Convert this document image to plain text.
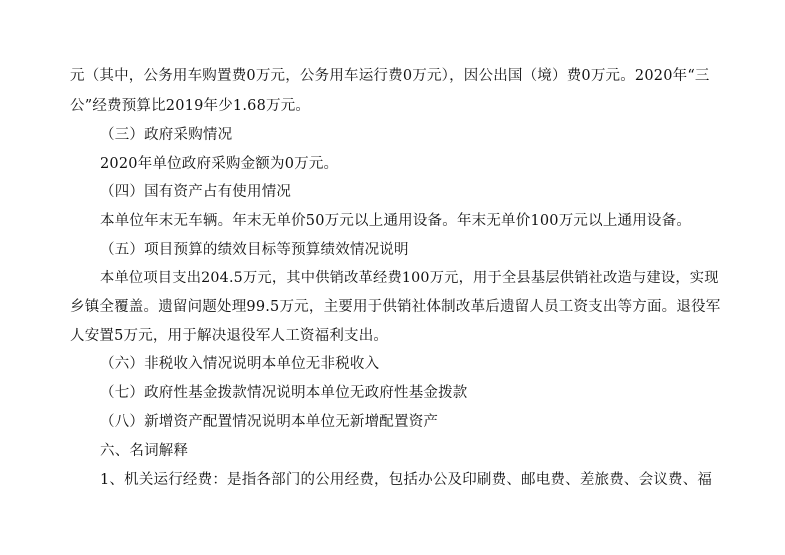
元（其中，公务用车购置费0万元，公务用车运行费0万元），因公出国（境）费0万元。2020年“三
公”经费预算比2019年少1.68万元。
（三）政府采购情况
2020年单位政府采购金额为0万元。
（四）国有资产占有使用情况
本单位年末无车辆。年末无单价50万元以上通用设备。年末无单价100万元以上通用设备。
（五）项目预算的绩效目标等预算绩效情况说明
本单位项目支出204.5万元，其中供销改革经费100万元，用于全县基层供销社改造与建设，实现
乡镇全覆盖。遗留问题处理99.5万元，主要用于供销社体制改革后遗留人员工资支出等方面。退役军
人安置5万元，用于解决退役军人工资福利支出。
（六）非税收入情况说明本单位无非税收入
（七）政府性基金拨款情况说明本单位无政府性基金拨款
（八）新增资产配置情况说明本单位无新增配置资产
六、名词解释
1、机关运行经费：是指各部门的公用经费，包括办公及印刷费、邮电费、差旅费、会议费、福
